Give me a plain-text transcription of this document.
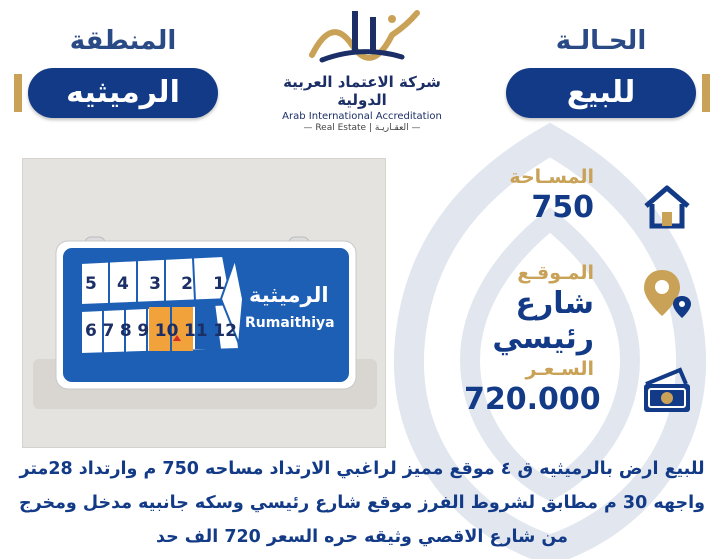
الحـالـة
للبيع
المنطقة
الرميثيه	شركة الاعتماد العربية الدولية
Arab International Accreditation
— Real Estate | العقـاريـة —
5 4 3 2 1
6 7 8 9 10 11 12
الرميثية
Rumaithiya
المسـاحة
750
المـوقـع
شارع رئيسي
السـعـر
720.000
للبيع ارض بالرميثيه ق ٤ موقع مميز لراغبي الارتداد مساحه 750 م وارتداد 28متر
واجهه 30 م مطابق لشروط الفرز موقع شارع رئيسي وسكه جانبيه مدخل ومخرج
من شارع الاقصي وثيقه حره السعر 720 الف حد
